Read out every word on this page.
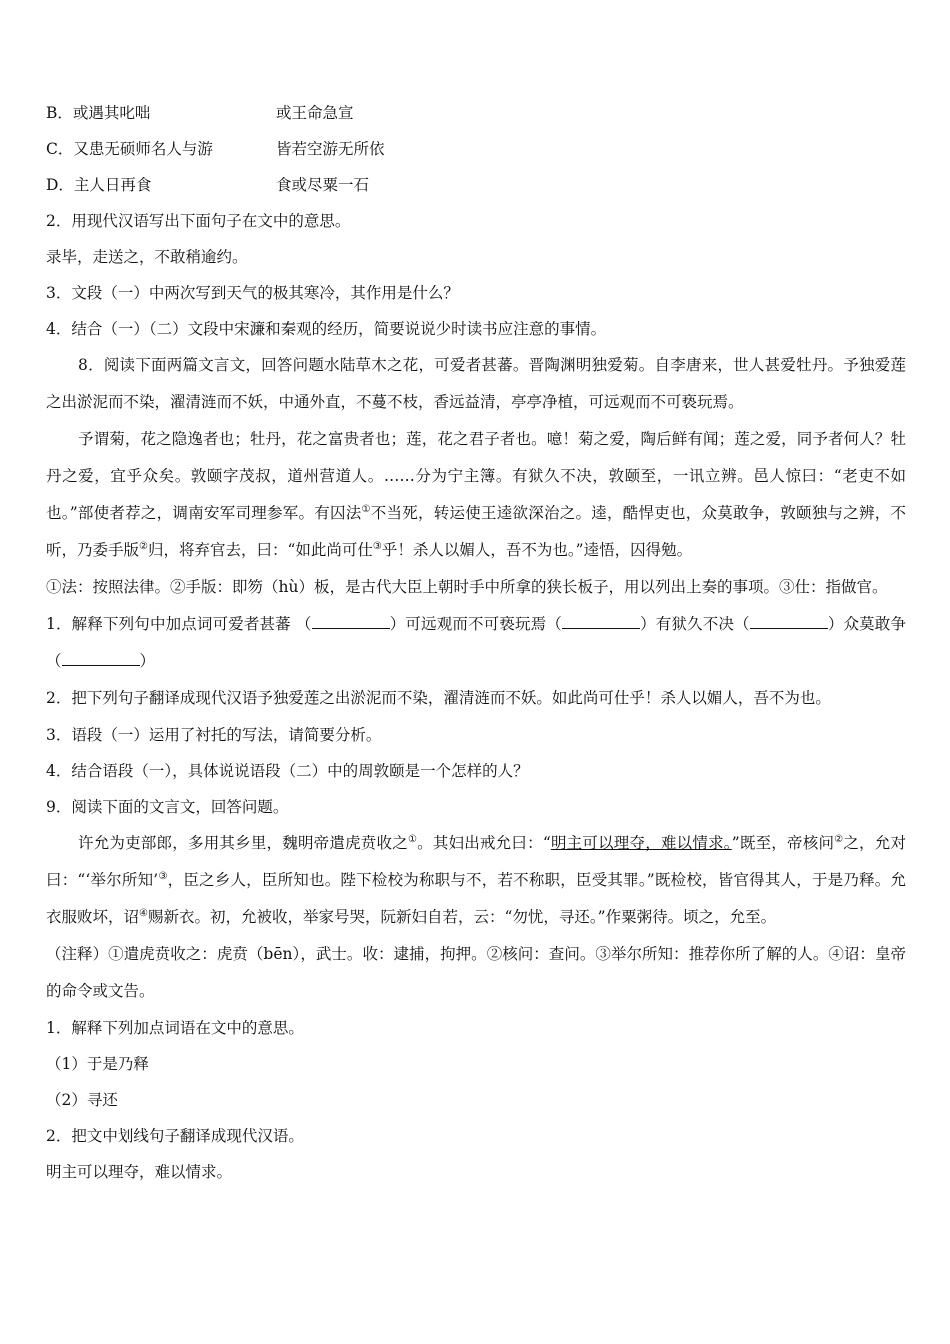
B．或遇其叱咄	或王命急宣
C．又患无硕师名人与游	皆若空游无所依
D．主人日再食	食或尽粟一石
2．用现代汉语写出下面句子在文中的意思。
录毕，走送之，不敢稍逾约。
3．文段（一）中两次写到天气的极其寒冷，其作用是什么？
4．结合（一）（二）文段中宋濂和秦观的经历，简要说说少时读书应注意的事情。
8．阅读下面两篇文言文，回答问题水陆草木之花，可爱者甚蕃。晋陶渊明独爱菊。自李唐来，世人甚爱牡丹。予独爱莲之出淤泥而不染，濯清涟而不妖，中通外直，不蔓不枝，香远益清，亭亭净植，可远观而不可亵玩焉。
予谓菊，花之隐逸者也；牡丹，花之富贵者也；莲，花之君子者也。噫！菊之爱，陶后鲜有闻；莲之爱，同予者何人？牡丹之爱，宜乎众矣。敦颐字茂叔，道州营道人。……分为宁主簿。有狱久不决，敦颐至，一讯立辨。邑人惊曰：“老吏不如也。”部使者荐之，调南安军司理参军。有囚法①不当死，转运使王逵欲深治之。逵，酷悍吏也，众莫敢争，敦颐独与之辨，不听，乃委手版②归，将弃官去，曰：“如此尚可仕③乎！杀人以媚人，吾不为也。”逵悟，囚得勉。
①法：按照法律。②手版：即笏（hù）板，是古代大臣上朝时手中所拿的狭长板子，用以列出上奏的事项。③仕：指做官。
1．解释下列句中加点词可爱者甚蕃 （	）可远观而不可亵玩焉（	）有狱久不决（	）众莫敢争（	）
2．把下列句子翻译成现代汉语予独爱莲之出淤泥而不染，濯清涟而不妖。如此尚可仕乎！杀人以媚人，吾不为也。
3．语段（一）运用了衬托的写法，请简要分析。
4．结合语段（一），具体说说语段（二）中的周敦颐是一个怎样的人？
9．阅读下面的文言文，回答问题。
许允为吏部郎，多用其乡里，魏明帝遣虎贲收之①。其妇出戒允曰：“明主可以理夺，难以情求。”既至，帝核问②之，允对曰：“‘举尔所知’③，臣之乡人，臣所知也。陛下检校为称职与不，若不称职，臣受其罪。”既检校，皆官得其人，于是乃释。允衣服败坏，诏④赐新衣。初，允被收，举家号哭，阮新妇自若，云：“勿忧，寻还。”作粟粥待。顷之，允至。
（注释）①遣虎贲收之：虎贲（bēn），武士。收：逮捕，拘押。②核问：查问。③举尔所知：推荐你所了解的人。④诏：皇帝的命令或文告。
1．解释下列加点词语在文中的意思。
（1）于是乃释
（2）寻还
2．把文中划线句子翻译成现代汉语。
明主可以理夺，难以情求。
